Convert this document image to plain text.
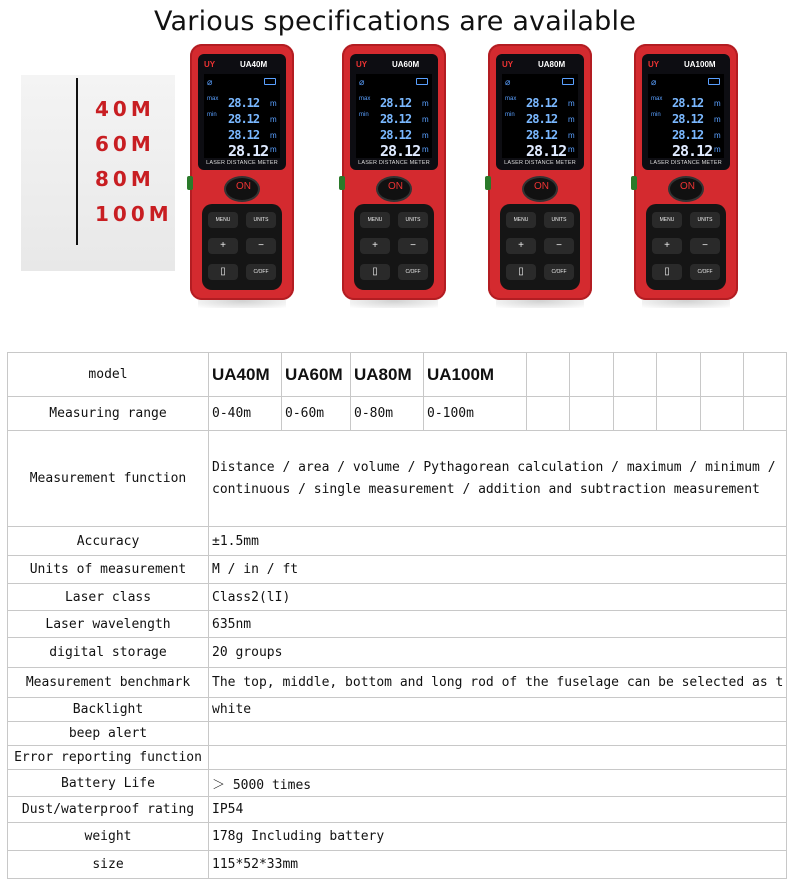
Various specifications are available
40M
60M
80M
100M
UY	UA40M
⌀
max
min
28.12 m
28.12 m
28.12 m
28.12 m
LASER DISTANCE METER
ON
MENU	UNITS
+	−
▯	C/OFF
UY	UA60M
⌀
max
min
28.12 m
28.12 m
28.12 m
28.12 m
LASER DISTANCE METER
ON
MENU	UNITS
+	−
▯	C/OFF
UY	UA80M
⌀
max
min
28.12 m
28.12 m
28.12 m
28.12 m
LASER DISTANCE METER
ON
MENU	UNITS
+	−
▯	C/OFF
UY	UA100M
⌀
max
min
28.12 m
28.12 m
28.12 m
28.12 m
LASER DISTANCE METER
ON
MENU	UNITS
+	−
▯	C/OFF
model	UA40M	UA60M	UA80M	UA100M						
Measuring range	0-40m	0-60m	0-80m	0-100m						
Measurement function	Distance / area / volume / Pythagorean calculation / maximum / minimum / continuous / single measurement / addition and subtraction measurement									
Accuracy	±1.5mm									
Units of measurement	M / in / ft									
Laser class	Class2(lI)									
Laser wavelength	635nm									
digital storage	20 groups									
Measurement benchmark	The top, middle, bottom and long rod of the fuselage can be selected as t									

Backlight	white									
beep alert										
Error reporting function										
Battery Life	＞ 5000 times									
Dust/waterproof rating	IP54									
weight	178g Including battery									
size	115*52*33mm									
